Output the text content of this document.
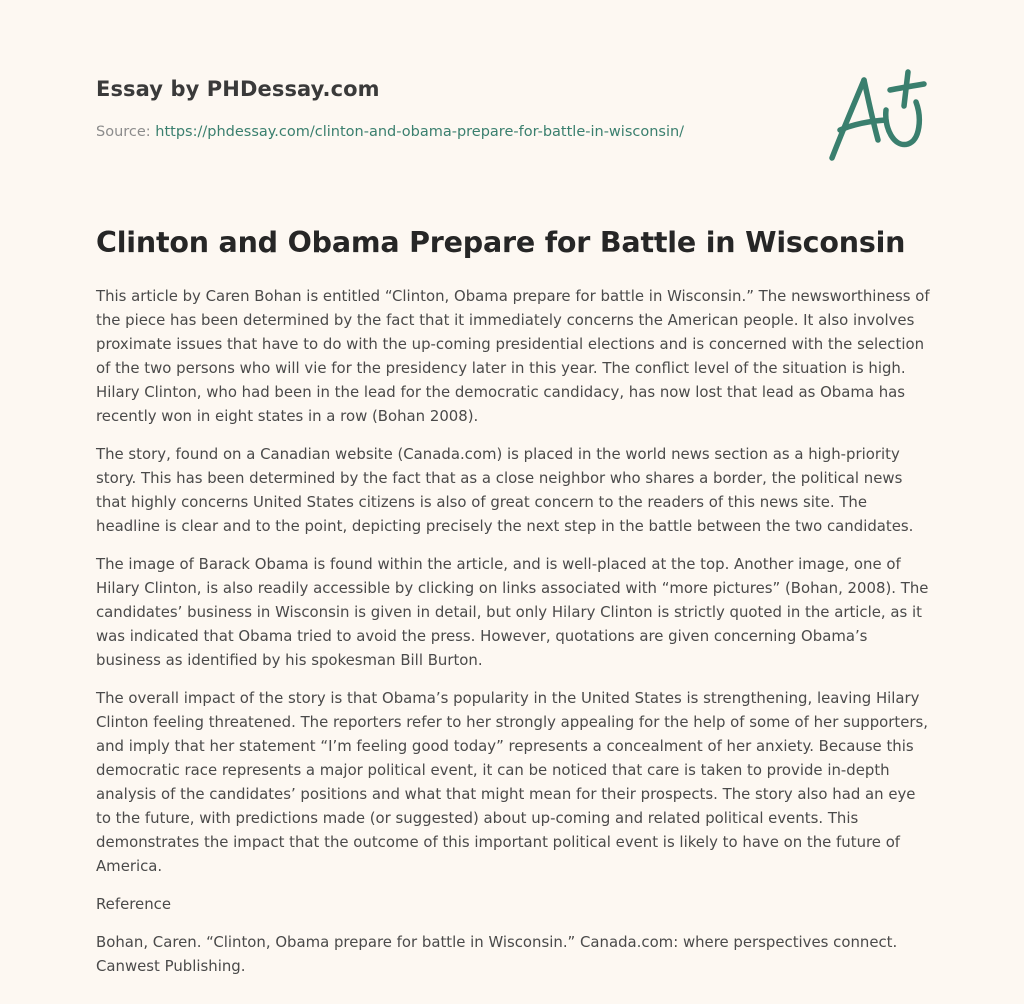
Essay by PHDessay.com
Source: https://phdessay.com/clinton-and-obama-prepare-for-battle-in-wisconsin/
Clinton and Obama Prepare for Battle in Wisconsin

This article by Caren Bohan is entitled “Clinton, Obama prepare for battle in Wisconsin.” The newsworthiness of the piece has been determined by the fact that it immediately concerns the American people. It also involves proximate issues that have to do with the up-coming presidential elections and is concerned with the selection of the two persons who will vie for the presidency later in this year. The conflict level of the situation is high. Hilary Clinton, who had been in the lead for the democratic candidacy, has now lost that lead as Obama has recently won in eight states in a row (Bohan 2008).

The story, found on a Canadian website (Canada.com) is placed in the world news section as a high-priority story. This has been determined by the fact that as a close neighbor who shares a border, the political news that highly concerns United States citizens is also of great concern to the readers of this news site. The headline is clear and to the point, depicting precisely the next step in the battle between the two candidates.

The image of Barack Obama is found within the article, and is well-placed at the top. Another image, one of Hilary Clinton, is also readily accessible by clicking on links associated with “more pictures” (Bohan, 2008). The candidates’ business in Wisconsin is given in detail, but only Hilary Clinton is strictly quoted in the article, as it was indicated that Obama tried to avoid the press. However, quotations are given concerning Obama’s business as identified by his spokesman Bill Burton.

The overall impact of the story is that Obama’s popularity in the United States is strengthening, leaving Hilary Clinton feeling threatened. The reporters refer to her strongly appealing for the help of some of her supporters, and imply that her statement “I’m feeling good today” represents a concealment of her anxiety. Because this democratic race represents a major political event, it can be noticed that care is taken to provide in-depth analysis of the candidates’ positions and what that might mean for their prospects. The story also had an eye to the future, with predictions made (or suggested) about up-coming and related political events. This demonstrates the impact that the outcome of this important political event is likely to have on the future of America.

Reference

Bohan, Caren. “Clinton, Obama prepare for battle in Wisconsin.” Canada.com: where perspectives connect. Canwest Publishing.
